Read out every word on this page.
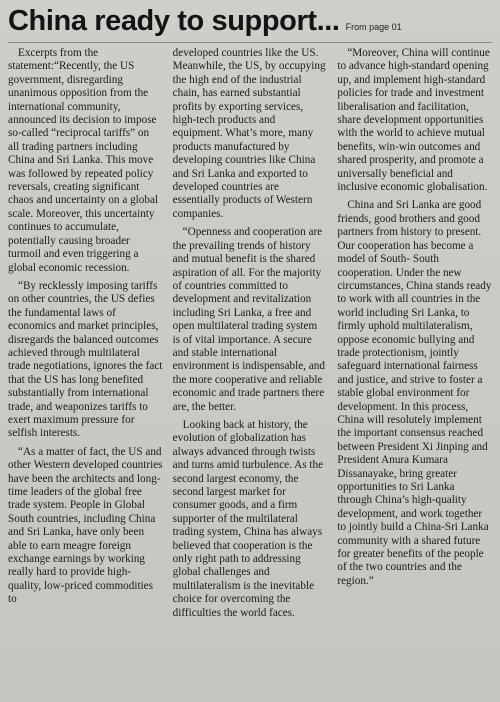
China ready to support... From page 01

Excerpts from the statement:“Recently, the US government, disregarding unanimous opposition from the international community, announced its decision to impose so-called “reciprocal tariffs” on all trading partners including China and Sri Lanka. This move was followed by repeated policy reversals, creating significant chaos and uncertainty on a global scale. Moreover, this uncertainty continues to accumulate, potentially causing broader turmoil and even triggering a global economic recession.

“By recklessly imposing tariffs on other countries, the US defies the fundamental laws of economics and market principles, disregards the balanced outcomes achieved through multilateral trade negotiations, ignores the fact that the US has long benefited substantially from international trade, and weaponizes tariffs to exert maximum pressure for selfish interests.

“As a matter of fact, the US and other Western developed countries have been the architects and long-time leaders of the global free trade system. People in Global South countries, including China and Sri Lanka, have only been able to earn meagre foreign exchange earnings by working really hard to provide high-quality, low-priced commodities to

developed countries like the US. Meanwhile, the US, by occupying the high end of the industrial chain, has earned substantial profits by exporting services, high-tech products and equipment. What’s more, many products manufactured by developing countries like China and Sri Lanka and exported to developed countries are essentially products of Western companies.

“Openness and cooperation are the prevailing trends of history and mutual benefit is the shared aspiration of all. For the majority of countries committed to development and revitalization including Sri Lanka, a free and open multilateral trading system is of vital importance. A secure and stable international environment is indispensable, and the more cooperative and reliable economic and trade partners there are, the better.

Looking back at history, the evolution of globalization has always advanced through twists and turns amid turbulence. As the second largest economy, the second largest market for consumer goods, and a firm supporter of the multilateral trading system, China has always believed that cooperation is the only right path to addressing global challenges and multilateralism is the inevitable choice for overcoming the difficulties the world faces.

“Moreover, China will continue to advance high-standard opening up, and implement high-standard policies for trade and investment liberalisation and facilitation, share development opportunities with the world to achieve mutual benefits, win-win outcomes and shared prosperity, and promote a universally beneficial and inclusive economic globalisation.

China and Sri Lanka are good friends, good brothers and good partners from history to present. Our cooperation has become a model of South- South cooperation. Under the new circumstances, China stands ready to work with all countries in the world including Sri Lanka, to firmly uphold multilateralism, oppose economic bullying and trade protectionism, jointly safeguard international fairness and justice, and strive to foster a stable global environment for development. In this process, China will resolutely implement the important consensus reached between President Xi Jinping and President Anura Kumara Dissanayake, bring greater opportunities to Sri Lanka through China’s high-quality development, and work together to jointly build a China-Sri Lanka community with a shared future for greater benefits of the people of the two countries and the region.”
